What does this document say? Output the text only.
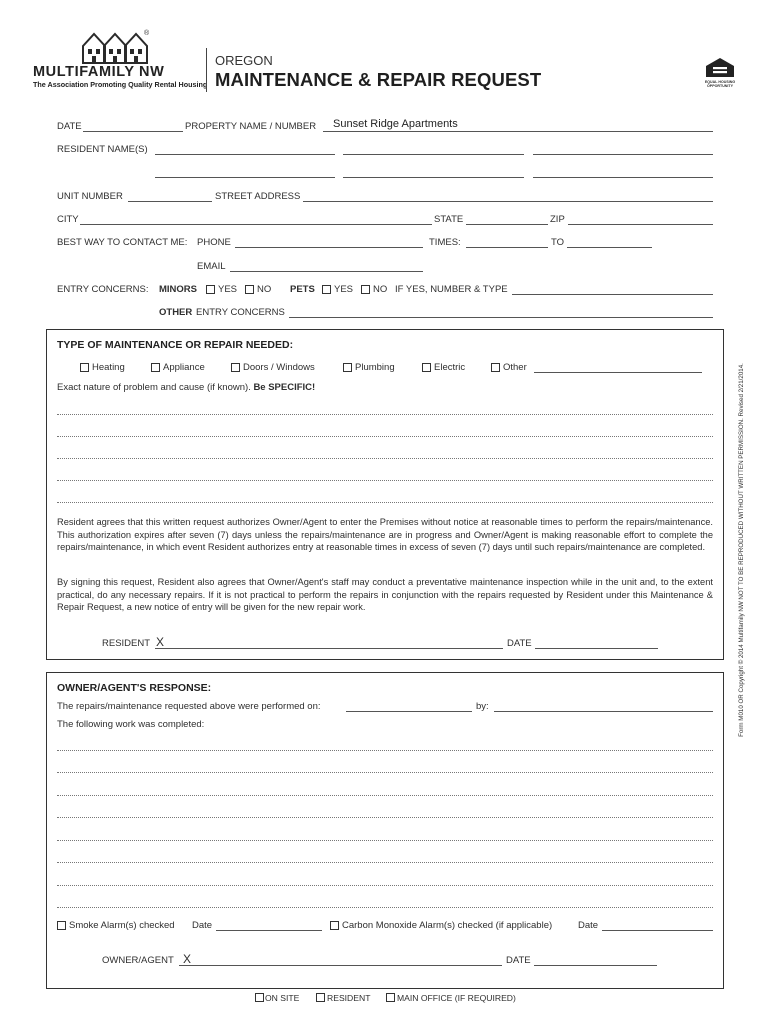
®
MULTIFAMILY NW
The Association Promoting Quality Rental Housing
OREGON
MAINTENANCE & REPAIR REQUEST	EQUAL HOUSING OPPORTUNITY
DATE	PROPERTY NAME / NUMBER Sunset Ridge Apartments
RESIDENT NAME(S)
UNIT NUMBER	STREET ADDRESS
CITY	STATE	ZIP
BEST WAY TO CONTACT ME: PHONE	TIMES:	TO
EMAIL
ENTRY CONCERNS: MINORS YES NO PETS YES NO IF YES, NUMBER & TYPE
OTHER ENTRY CONCERNS
TYPE OF MAINTENANCE OR REPAIR NEEDED:
Heating	Appliance	Doors / Windows	Plumbing	Electric	Other
Exact nature of problem and cause (if known). Be SPECIFIC!
Resident agrees that this written request authorizes Owner/Agent to enter the Premises without notice at reasonable times to perform the repairs/maintenance. This authorization expires after seven (7) days unless the repairs/maintenance are in progress and Owner/Agent is making reasonable effort to complete the repairs/maintenance, in which event Resident authorizes entry at reasonable times in excess of seven (7) days until such repairs/maintenance are completed.
By signing this request, Resident also agrees that Owner/Agent's staff may conduct a preventative maintenance inspection while in the unit and, to the extent practical, do any necessary repairs. If it is not practical to perform the repairs in conjunction with the repairs requested by Resident under this Maintenance & Repair Request, a new notice of entry will be given for the new repair work.
RESIDENT X	DATE
OWNER/AGENT'S RESPONSE:
The repairs/maintenance requested above were performed on:	by:
The following work was completed:
Smoke Alarm(s) checked Date	Carbon Monoxide Alarm(s) checked (if applicable)	Date
OWNER/AGENT X	DATE
ON SITE	RESIDENT	MAIN OFFICE (IF REQUIRED)
Form M010 OR Copyright © 2014 Multifamily NW NOT TO BE REPRODUCED WITHOUT WRITTEN PERMISSION. Revised 2/21/2014.
